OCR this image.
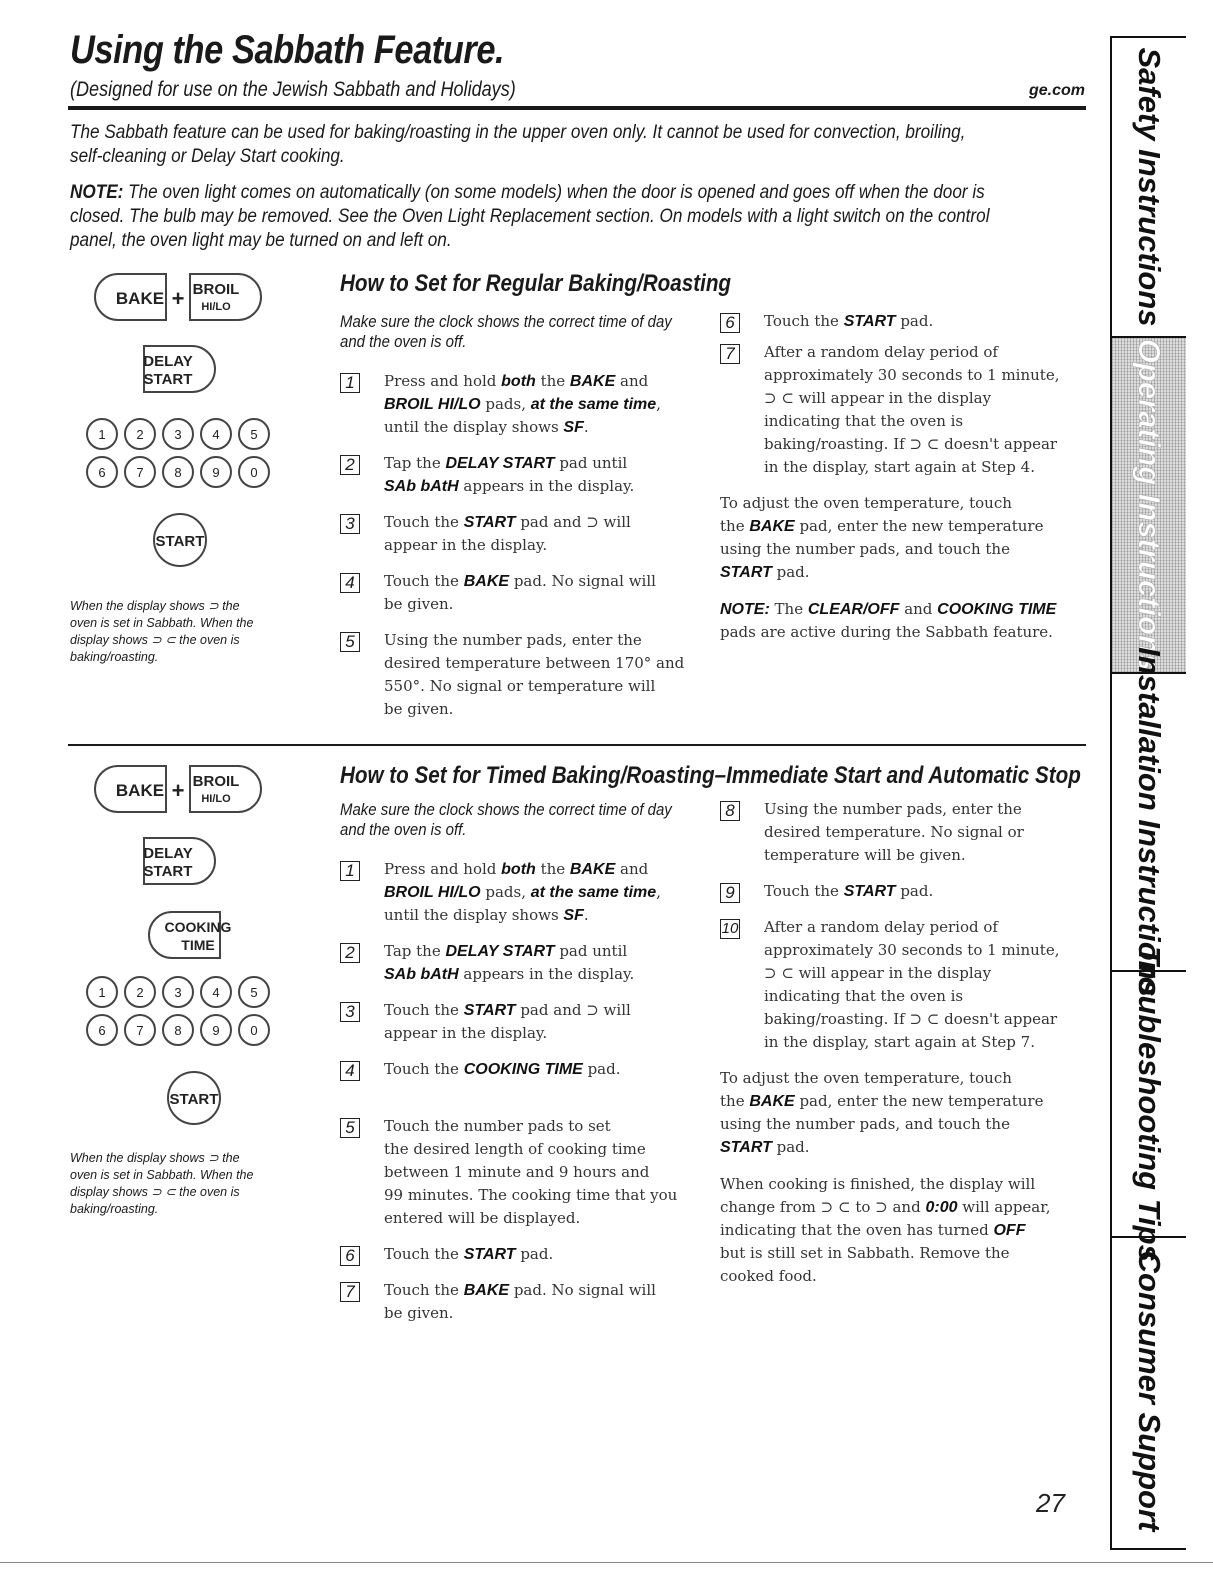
Using the Sabbath Feature.
(Designed for use on the Jewish Sabbath and Holidays)	ge.com

The Sabbath feature can be used for baking/roasting in the upper oven only. It cannot be used for convection, broiling,
self-cleaning or Delay Start cooking.

NOTE: The oven light comes on automatically (on some models) when the door is opened and goes off when the door is
closed. The bulb may be removed. See the Oven Light Replacement section. On models with a light switch on the control
panel, the oven light may be turned on and left on.

BAKE + BROIL
HI/LO
DELAY
START
1 2 3 4 5
6 7 8 9 0
START

When the display shows ⊃ the
oven is set in Sabbath. When the
display shows ⊃ ⊂ the oven is
baking/roasting.

How to Set for Regular Baking/Roasting

Make sure the clock shows the correct time of day
and the oven is off.

1	Press and hold both the BAKE and
BROIL HI/LO pads, at the same time,
until the display shows SF.

2	Tap the DELAY START pad until
SAb bAtH appears in the display.

3	Touch the START pad and ⊃ will
appear in the display.

4	Touch the BAKE pad. No signal will
be given.

5	Using the number pads, enter the
desired temperature between 170° and
550°. No signal or temperature will
be given.

6	Touch the START pad.

7	After a random delay period of
approximately 30 seconds to 1 minute,
⊃ ⊂ will appear in the display
indicating that the oven is
baking/roasting. If ⊃ ⊂ doesn't appear
in the display, start again at Step 4.

To adjust the oven temperature, touch
the BAKE pad, enter the new temperature
using the number pads, and touch the
START pad.

NOTE: The CLEAR/OFF and COOKING TIME
pads are active during the Sabbath feature.

BAKE + BROIL
HI/LO
DELAY
START
COOKING
TIME
1 2 3 4 5
6 7 8 9 0
START

When the display shows ⊃ the
oven is set in Sabbath. When the
display shows ⊃ ⊂ the oven is
baking/roasting.

How to Set for Timed Baking/Roasting–Immediate Start and Automatic Stop

Make sure the clock shows the correct time of day
and the oven is off.

1	Press and hold both the BAKE and
BROIL HI/LO pads, at the same time,
until the display shows SF.

2	Tap the DELAY START pad until
SAb bAtH appears in the display.

3	Touch the START pad and ⊃ will
appear in the display.

4	Touch the COOKING TIME pad.

5	Touch the number pads to set
the desired length of cooking time
between 1 minute and 9 hours and
99 minutes. The cooking time that you
entered will be displayed.

6	Touch the START pad.

7	Touch the BAKE pad. No signal will
be given.

8	Using the number pads, enter the
desired temperature. No signal or
temperature will be given.

9	Touch the START pad.

10 After a random delay period of
approximately 30 seconds to 1 minute,
⊃ ⊂ will appear in the display
indicating that the oven is
baking/roasting. If ⊃ ⊂ doesn't appear
in the display, start again at Step 7.

To adjust the oven temperature, touch
the BAKE pad, enter the new temperature
using the number pads, and touch the
START pad.

When cooking is finished, the display will
change from ⊃ ⊂ to ⊃ and 0:00 will appear,
indicating that the oven has turned OFF
but is still set in Sabbath. Remove the
cooked food.

27
Safety Instructions
Operating Instructions
Installation Instructions
Troubleshooting Tips
Consumer Support
